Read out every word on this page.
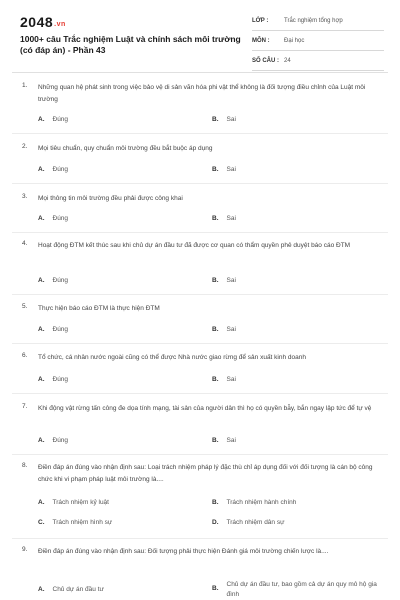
2048.vn
1000+ câu Trắc nghiệm Luật và chính sách môi trường (có đáp án) - Phần 43
LỚP :	Trắc nghiệm tổng hợp
MÔN : Đại học
SỐ CÂU : 24
1. Những quan hệ phát sinh trong việc bảo vệ di sản văn hóa phi vật thể không là đối tượng điều chỉnh của Luật môi trường
A. Đúng	B. Sai
2. Mọi tiêu chuẩn, quy chuẩn môi trường đều bắt buộc áp dụng
A. Đúng	B. Sai
3. Mọi thông tin môi trường đều phải được công khai
A. Đúng	B. Sai
4. Hoạt động ĐTM kết thúc sau khi chủ dự án đầu tư đã được cơ quan có thẩm quyền phê duyệt báo cáo ĐTM
A. Đúng	B. Sai
5. Thực hiện báo cáo ĐTM là thực hiện ĐTM
A. Đúng	B. Sai
6. Tổ chức, cá nhân nước ngoài cũng có thể được Nhà nước giao rừng để sản xuất kinh doanh
A. Đúng	B. Sai
7. Khi động vật rừng tấn công đe dọa tính mạng, tài sản của người dân thì họ có quyền bẫy, bắn ngay lập tức để tự vệ
A. Đúng	B. Sai
8. Điền đáp án đúng vào nhận định sau: Loại trách nhiệm pháp lý đặc thù chỉ áp dụng đối với đối tượng là cán bộ công chức khi vi phạm pháp luật môi trường là....
A. Trách nhiệm kỷ luật	B. Trách nhiệm hành chính
C. Trách nhiệm hình sự	D. Trách nhiệm dân sự
9. Điền đáp án đúng vào nhận định sau: Đối tượng phải thực hiện Đánh giá môi trường chiến lược là....
A. Chủ dự án đầu tư	B.
Chủ dự án đầu tư, bao gồm cả dự án quy mô hộ gia đình
